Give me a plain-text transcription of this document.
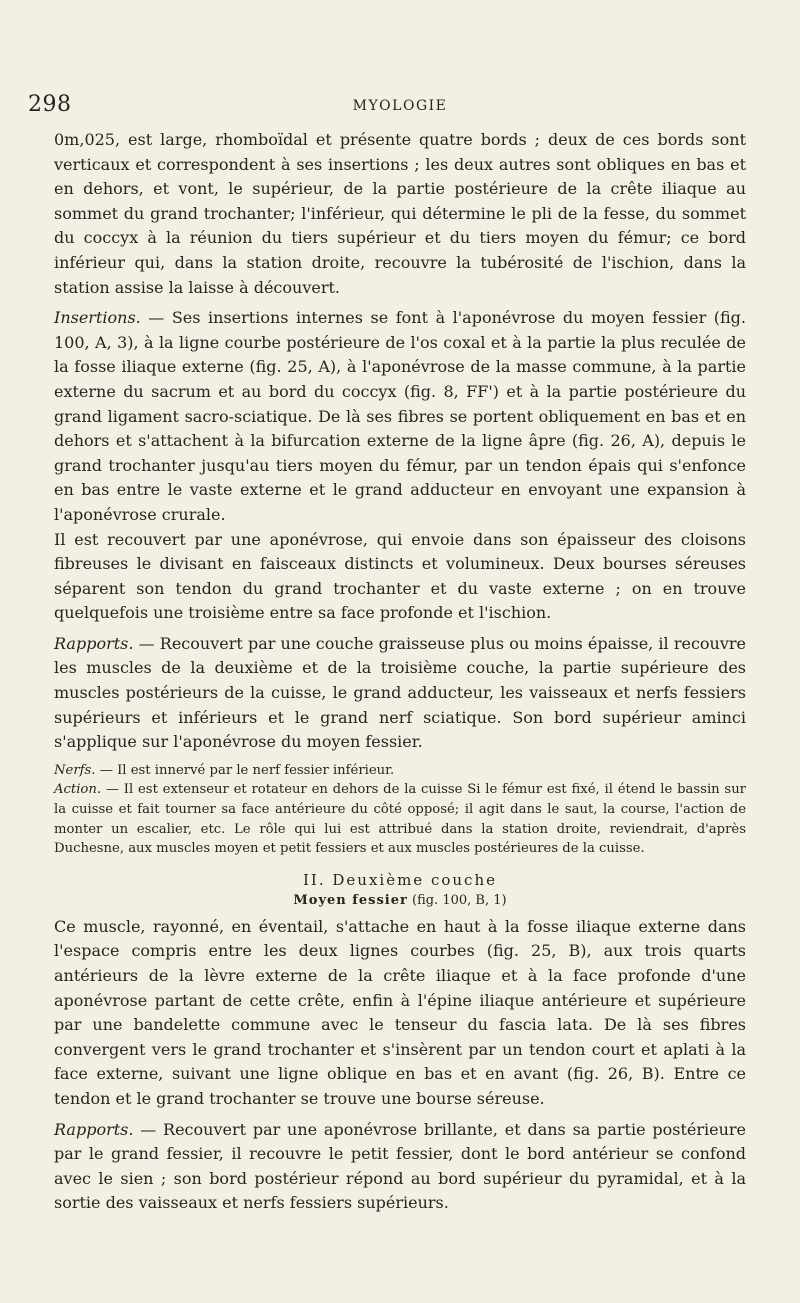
298	MYOLOGIE

0m,025, est large, rhomboïdal et présente quatre bords ; deux de ces bords sont verticaux et correspondent à ses insertions ; les deux autres sont obliques en bas et en dehors, et vont, le supérieur, de la partie postérieure de la crête iliaque au sommet du grand trochanter; l'inférieur, qui détermine le pli de la fesse, du sommet du coccyx à la réunion du tiers supérieur et du tiers moyen du fémur; ce bord inférieur qui, dans la station droite, recouvre la tubérosité de l'ischion, dans la station assise la laisse à découvert.

Insertions. — Ses insertions internes se font à l'aponévrose du moyen fessier (fig. 100, A, 3), à la ligne courbe postérieure de l'os coxal et à la partie la plus reculée de la fosse iliaque externe (fig. 25, A), à l'aponévrose de la masse commune, à la partie externe du sacrum et au bord du coccyx (fig. 8, FF') et à la partie postérieure du grand ligament sacro-sciatique. De là ses fibres se portent obliquement en bas et en dehors et s'attachent à la bifurcation externe de la ligne âpre (fig. 26, A), depuis le grand trochanter jusqu'au tiers moyen du fémur, par un tendon épais qui s'enfonce en bas entre le vaste externe et le grand adducteur en envoyant une expansion à l'aponévrose crurale.

Il est recouvert par une aponévrose, qui envoie dans son épaisseur des cloisons fibreuses le divisant en faisceaux distincts et volumineux. Deux bourses séreuses séparent son tendon du grand trochanter et du vaste externe ; on en trouve quelquefois une troisième entre sa face profonde et l'ischion.

Rapports. — Recouvert par une couche graisseuse plus ou moins épaisse, il recouvre les muscles de la deuxième et de la troisième couche, la partie supérieure des muscles postérieurs de la cuisse, le grand adducteur, les vaisseaux et nerfs fessiers supérieurs et inférieurs et le grand nerf sciatique. Son bord supérieur aminci s'applique sur l'aponévrose du moyen fessier.

Nerfs. — Il est innervé par le nerf fessier inférieur.

Action. — Il est extenseur et rotateur en dehors de la cuisse Si le fémur est fixé, il étend le bassin sur la cuisse et fait tourner sa face antérieure du côté opposé; il agit dans le saut, la course, l'action de monter un escalier, etc. Le rôle qui lui est attribué dans la station droite, reviendrait, d'après Duchesne, aux muscles moyen et petit fessiers et aux muscles postérieures de la cuisse.

II. Deuxième couche
Moyen fessier (fig. 100, B, 1)

Ce muscle, rayonné, en éventail, s'attache en haut à la fosse iliaque externe dans l'espace compris entre les deux lignes courbes (fig. 25, B), aux trois quarts antérieurs de la lèvre externe de la crête iliaque et à la face profonde d'une aponévrose partant de cette crête, enfin à l'épine iliaque antérieure et supérieure par une bandelette commune avec le tenseur du fascia lata. De là ses fibres convergent vers le grand trochanter et s'insèrent par un tendon court et aplati à la face externe, suivant une ligne oblique en bas et en avant (fig. 26, B). Entre ce tendon et le grand trochanter se trouve une bourse séreuse.

Rapports. — Recouvert par une aponévrose brillante, et dans sa partie postérieure par le grand fessier, il recouvre le petit fessier, dont le bord antérieur se confond avec le sien ; son bord postérieur répond au bord supérieur du pyramidal, et à la sortie des vaisseaux et nerfs fessiers supérieurs.
